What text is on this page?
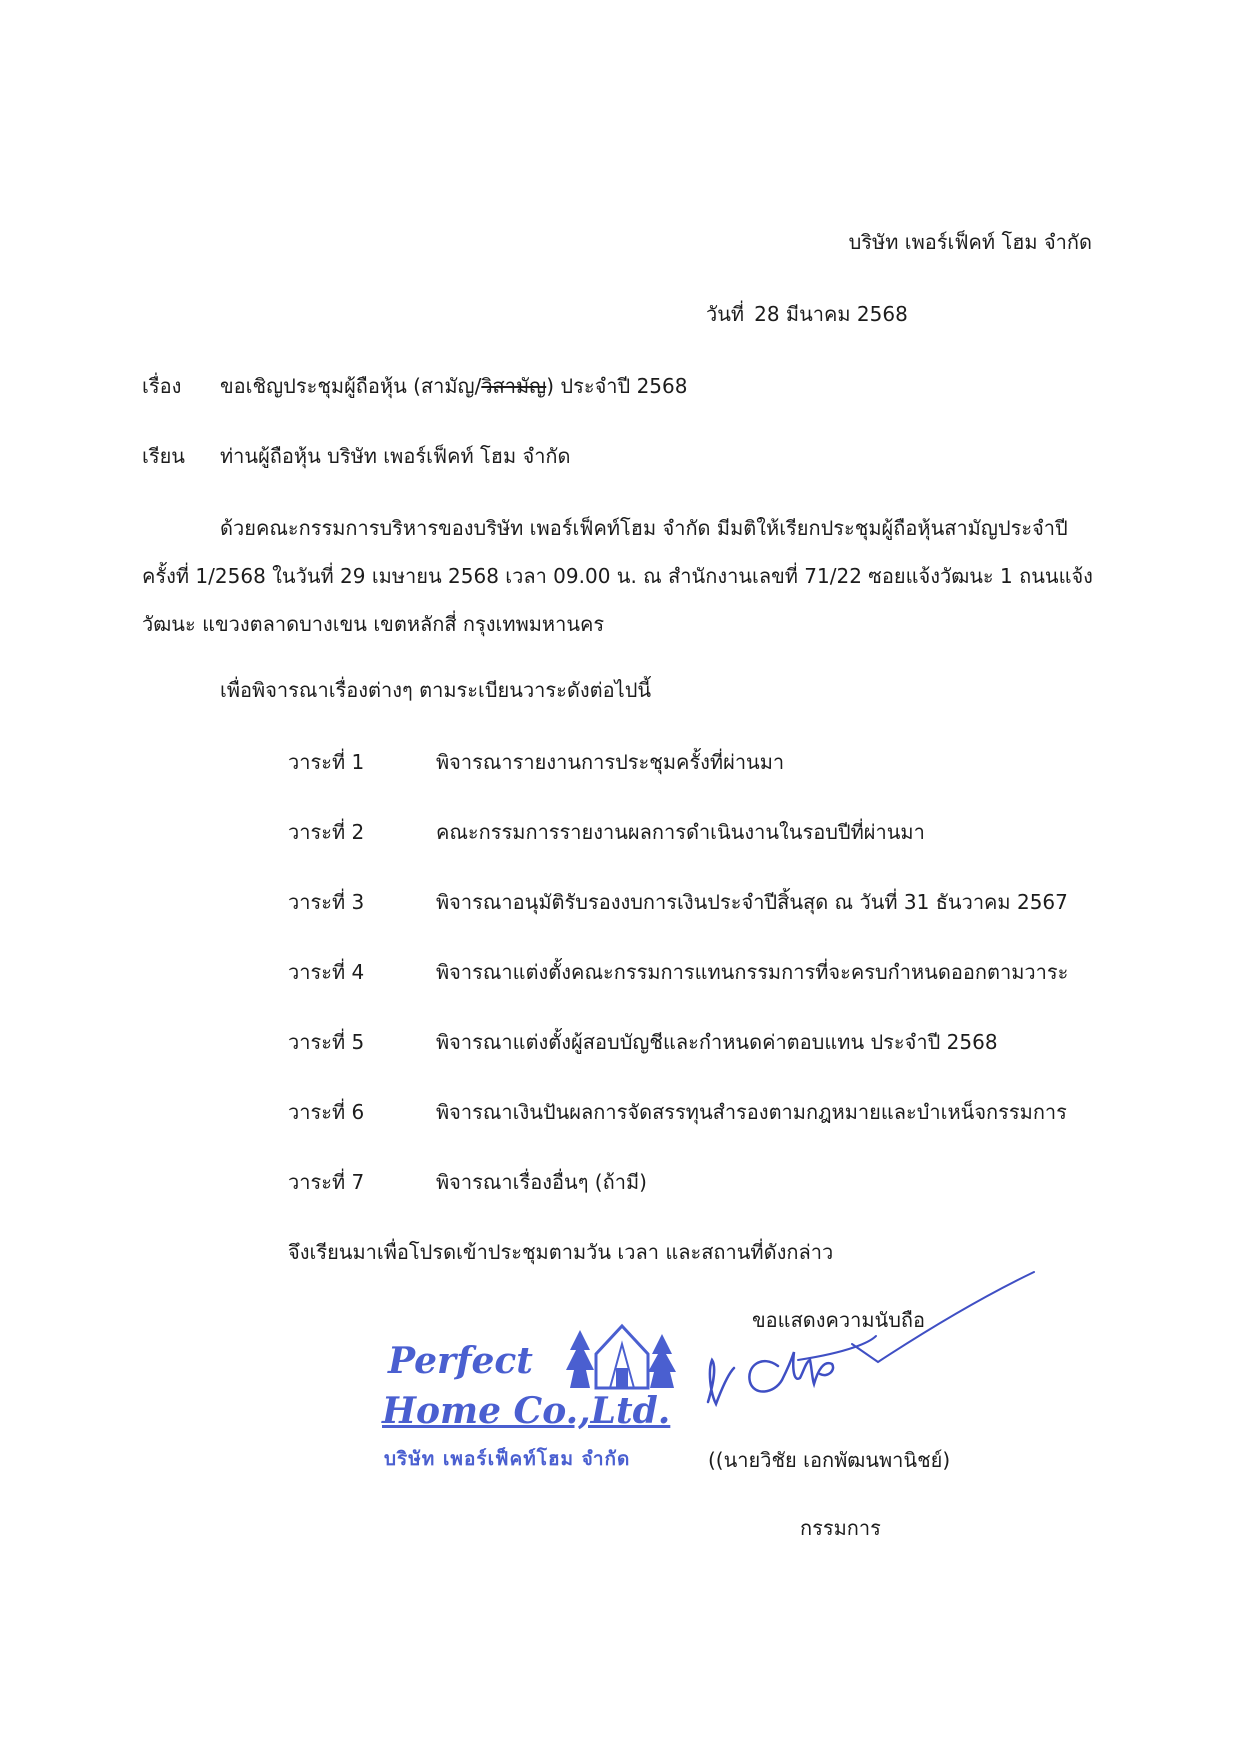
บริษัท เพอร์เฟ็คท์ โฮม จำกัด
วันที่ 28 มีนาคม 2568
เรื่อง ขอเชิญประชุมผู้ถือหุ้น (สามัญ/วิสามัญ) ประจำปี 2568
เรียน ท่านผู้ถือหุ้น บริษัท เพอร์เฟ็คท์ โฮม จำกัด
ด้วยคณะกรรมการบริหารของบริษัท เพอร์เฟ็คท์โฮม จำกัด มีมติให้เรียกประชุมผู้ถือหุ้นสามัญประจำปี
ครั้งที่ 1/2568 ในวันที่ 29 เมษายน 2568 เวลา 09.00 น. ณ สำนักงานเลขที่ 71/22 ซอยแจ้งวัฒนะ 1 ถนนแจ้ง
วัฒนะ แขวงตลาดบางเขน เขตหลักสี่ กรุงเทพมหานคร
เพื่อพิจารณาเรื่องต่างๆ ตามระเบียนวาระดังต่อไปนี้
วาระที่ 1	พิจารณารายงานการประชุมครั้งที่ผ่านมา
วาระที่ 2	คณะกรรมการรายงานผลการดำเนินงานในรอบปีที่ผ่านมา
วาระที่ 3	พิจารณาอนุมัติรับรองงบการเงินประจำปีสิ้นสุด ณ วันที่ 31 ธันวาคม 2567
วาระที่ 4	พิจารณาแต่งตั้งคณะกรรมการแทนกรรมการที่จะครบกำหนดออกตามวาระ
วาระที่ 5	พิจารณาแต่งตั้งผู้สอบบัญชีและกำหนดค่าตอบแทน ประจำปี 2568
วาระที่ 6	พิจารณาเงินปันผลการจัดสรรทุนสำรองตามกฎหมายและบำเหน็จกรรมการ
วาระที่ 7	พิจารณาเรื่องอื่นๆ (ถ้ามี)
จึงเรียนมาเพื่อโปรดเข้าประชุมตามวัน เวลา และสถานที่ดังกล่าว
ขอแสดงความนับถือ
((นายวิชัย เอกพัฒนพานิชย์)
กรรมการ
Perfect
Home Co.,Ltd.
บริษัท เพอร์เฟ็คท์โฮม จำกัด
